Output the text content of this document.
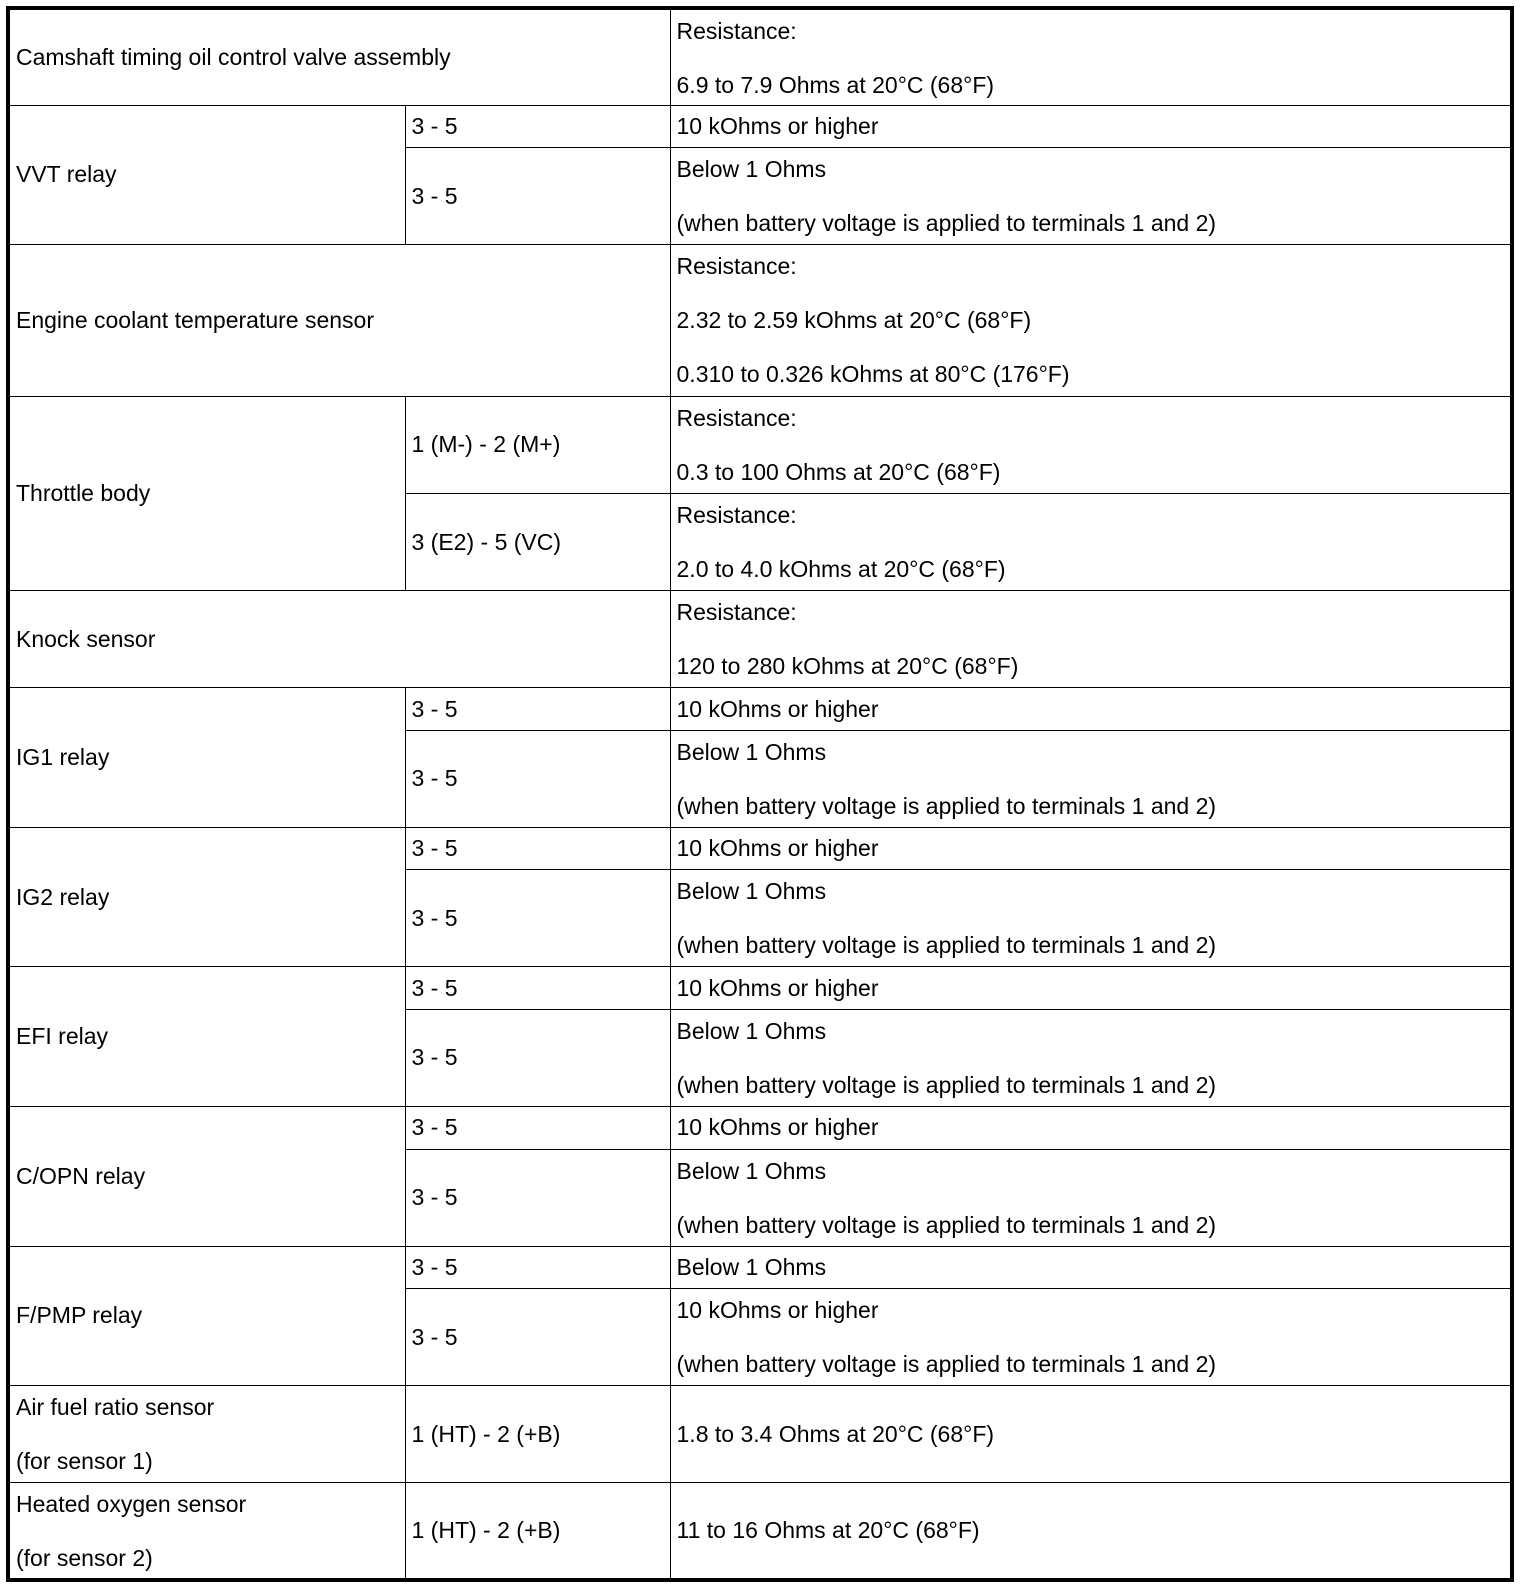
Camshaft timing oil control valve assembly		Resistance:
6.9 to 7.9 Ohms at 20°C (68°F)

VVT relay	3 - 5	10 kOhms or higher
	3 - 5	Below 1 Ohms
(when battery voltage is applied to terminals 1 and 2)

Engine coolant temperature sensor		Resistance:
2.32 to 2.59 kOhms at 20°C (68°F)
0.310 to 0.326 kOhms at 80°C (176°F)

Throttle body	1 (M-) - 2 (M+)	Resistance:
0.3 to 100 Ohms at 20°C (68°F)

	3 (E2) - 5 (VC)	Resistance:
2.0 to 4.0 kOhms at 20°C (68°F)

Knock sensor		Resistance:
120 to 280 kOhms at 20°C (68°F)

IG1 relay	3 - 5	10 kOhms or higher
	3 - 5	Below 1 Ohms
(when battery voltage is applied to terminals 1 and 2)

IG2 relay	3 - 5	10 kOhms or higher
	3 - 5	Below 1 Ohms
(when battery voltage is applied to terminals 1 and 2)

EFI relay	3 - 5	10 kOhms or higher
	3 - 5	Below 1 Ohms
(when battery voltage is applied to terminals 1 and 2)

C/OPN relay	3 - 5	10 kOhms or higher
	3 - 5	Below 1 Ohms
(when battery voltage is applied to terminals 1 and 2)

F/PMP relay	3 - 5	Below 1 Ohms
	3 - 5	10 kOhms or higher
(when battery voltage is applied to terminals 1 and 2)

Air fuel ratio sensor
(for sensor 1)	1 (HT) - 2 (+B)	1.8 to 3.4 Ohms at 20°C (68°F)

Heated oxygen sensor
(for sensor 2)	1 (HT) - 2 (+B)	11 to 16 Ohms at 20°C (68°F)
